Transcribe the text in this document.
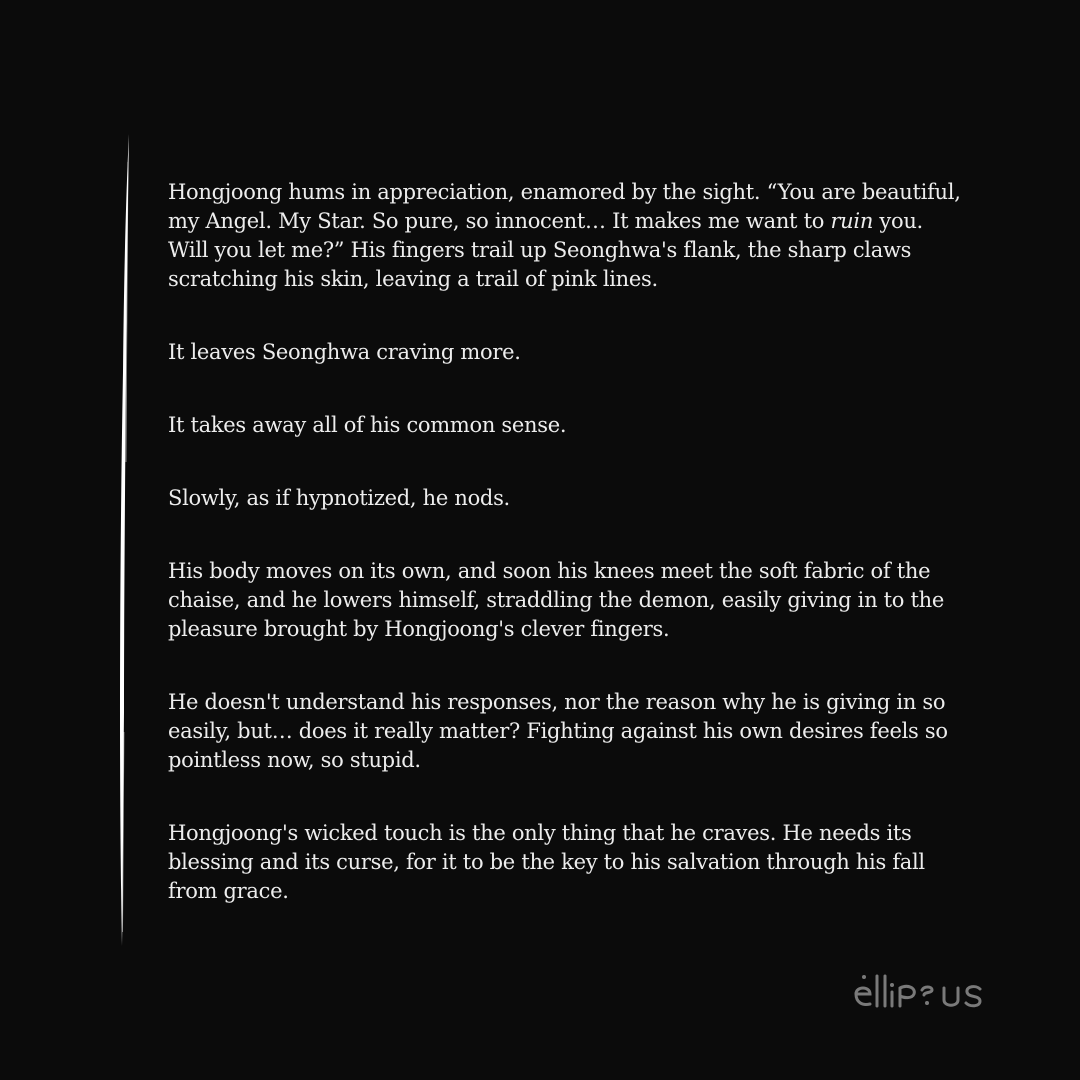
Hongjoong hums in appreciation, enamored by the sight. “You are beautiful, my Angel. My Star. So pure, so innocent… It makes me want to ruin you. Will you let me?” His fingers trail up Seonghwa's flank, the sharp claws scratching his skin, leaving a trail of pink lines.

It leaves Seonghwa craving more.

It takes away all of his common sense.

Slowly, as if hypnotized, he nods.

His body moves on its own, and soon his knees meet the soft fabric of the chaise, and he lowers himself, straddling the demon, easily giving in to the pleasure brought by Hongjoong's clever fingers.

He doesn't understand his responses, nor the reason why he is giving in so easily, but… does it really matter? Fighting against his own desires feels so pointless now, so stupid.

Hongjoong's wicked touch is the only thing that he craves. He needs its blessing and its curse, for it to be the key to his salvation through his fall from grace.
